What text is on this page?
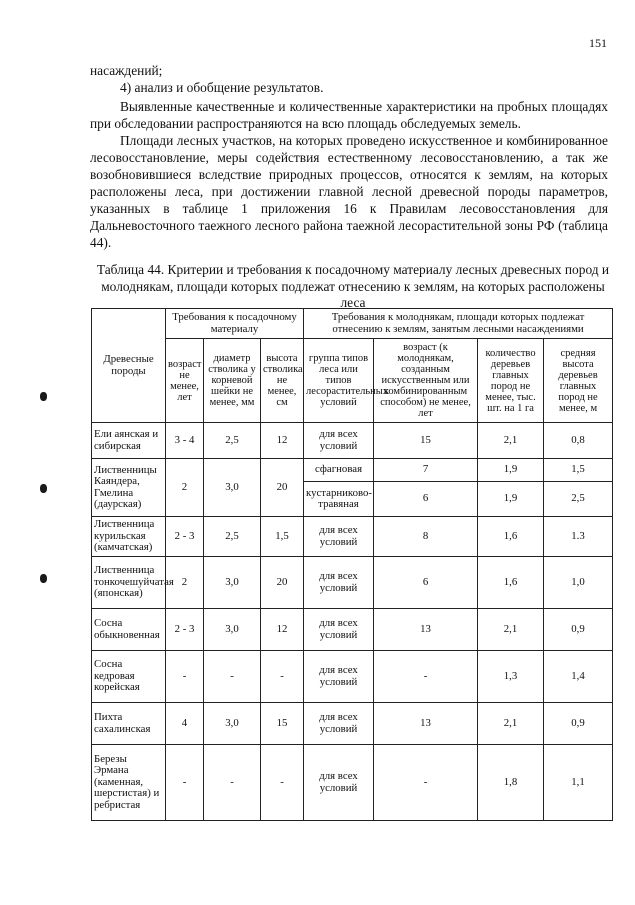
151

насаждений;

4) анализ и обобщение результатов.

Выявленные качественные и количественные характеристики на пробных площадях при обследовании распространяются на всю площадь обследуемых земель.

Площади лесных участков, на которых проведено искусственное и комбинированное лесовосстановление, меры содействия естественному лесовосстановлению, а так же возобновившиеся вследствие природных процессов, относятся к землям, на которых расположены леса, при достижении главной лесной древесной породы параметров, указанных в таблице 1 приложения 16 к Правилам лесовосстановления для Дальневосточного таежного лесного района таежной лесорастительной зоны РФ (таблица 44).

Таблица 44. Критерии и требования к посадочному материалу лесных древесных пород и молоднякам, площади которых подлежат отнесению к землям, на которых расположены леса
Древесные породы	Требования к посадочному материалу			Требования к молоднякам, площади которых подлежат отнесению к землям, занятым лесными насаждениями			
	возраст не менее, лет	диаметр стволика у корневой шейки не менее, мм	высота стволика не менее, см	группа типов леса или типов лесорастительных условий	возраст (к молоднякам, созданным искусственным или комбинированным способом) не менее, лет	количество деревьев главных пород не менее, тыс. шт. на 1 га	средняя высота деревьев главных пород не менее, м
Ели аянская и сибирская	3 - 4	2,5	12	для всех условий	15	2,1	0,8
Лиственницы Каяндера, Гмелина (даурская)	2	3,0	20	сфагновая	7	1,9	1,5
				кустарниково-травяная	6	1,9	2,5
Лиственница курильская (камчатская)	2 - 3	2,5	1,5	для всех условий	8	1,6	1.3
Лиственница тонкочешуйчатая (японская)	2	3,0	20	для всех условий	6	1,6	1,0
Сосна обыкновенная	2 - 3	3,0	12	для всех условий	13	2,1	0,9
Сосна кедровая корейская	-	-	-	для всех условий	-	1,3	1,4
Пихта сахалинская	4	3,0	15	для всех условий	13	2,1	0,9
Березы Эрмана (каменная, шерстистая) и ребристая	-	-	-	для всех условий	-	1,8	1,1
